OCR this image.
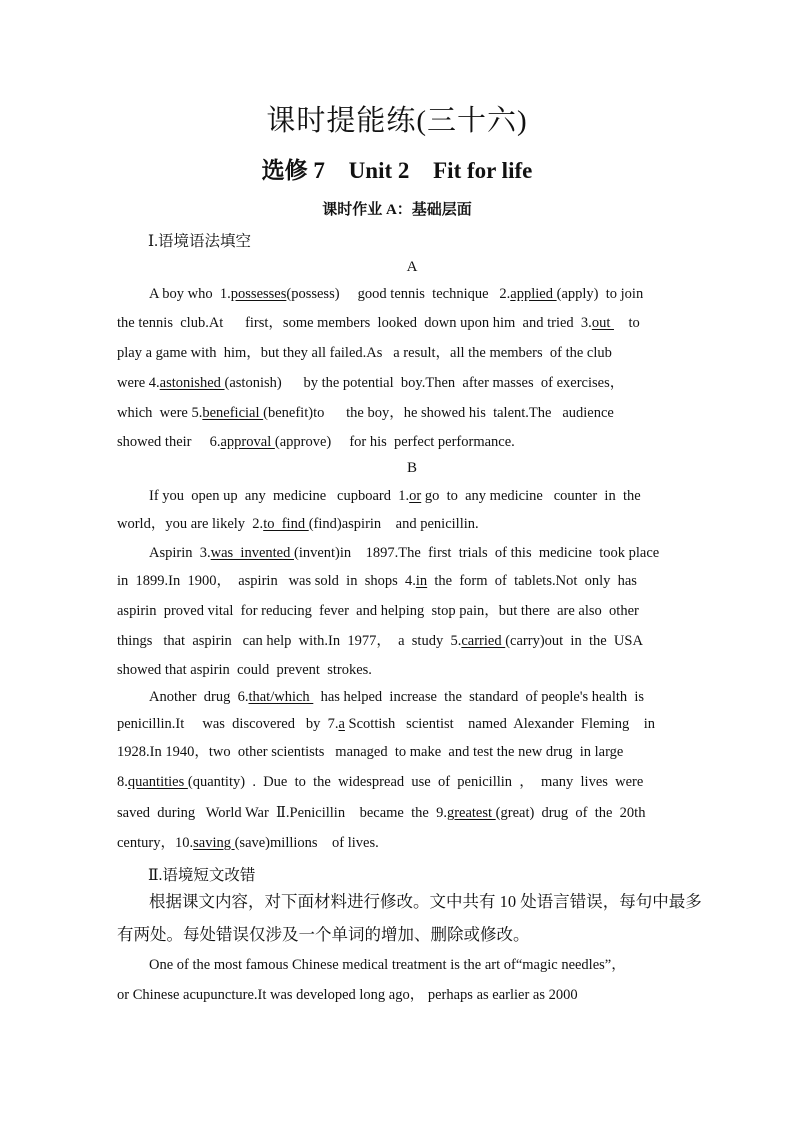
课时提能练(三十六)
选修 7 Unit 2 Fit for life
课时作业 A：基础层面
Ⅰ.语境语法填空
A
A boy who  1.possesses(possess)     good tennis  technique   2.applied (apply)  to join
the tennis  club.At      first，some members  looked  down upon him  and tried  3.out     to
play a game with  him，but they all failed.As   a result，all the members  of the club
were 4.astonished (astonish)      by the potential  boy.Then  after masses  of exercises，
which  were 5.beneficial (benefit)to      the boy，he showed his  talent.The   audience
showed their     6.approval (approve)     for his  perfect performance.
B
If you  open up  any  medicine   cupboard  1.or go  to  any medicine   counter  in  the
world，you are likely  2.to  find (find)aspirin    and penicillin.
Aspirin  3.was  invented (invent)in    1897.The  first  trials  of this  medicine  took place
in  1899.In  1900，  aspirin   was sold  in  shops  4.in  the  form  of  tablets.Not  only  has
aspirin  proved vital  for reducing  fever  and helping  stop pain，but there  are also  other
things   that  aspirin   can help  with.In  1977，  a  study  5.carried (carry)out  in  the  USA
showed that aspirin  could  prevent  strokes.
Another  drug  6.that/which   has helped  increase  the  standard  of people's health  is
penicillin.It     was  discovered   by  7.a Scottish   scientist    named  Alexander  Fleming    in
1928.In 1940，two  other scientists   managed  to make  and test the new drug  in large
8.quantities (quantity)  .  Due  to  the  widespread  use  of  penicillin  ，  many  lives  were
saved  during   World War  Ⅱ.Penicillin    became  the  9.greatest (great)  drug  of  the  20th
century，10.saving (save)millions    of lives.
Ⅱ.语境短文改错
根据课文内容，对下面材料进行修改。文中共有 10 处语言错误，每句中最多
有两处。每处错误仅涉及一个单词的增加、删除或修改。
One of the most famous Chinese medical treatment is the art of“magic needles”，
or Chinese acupuncture.It was developed long ago， perhaps as earlier as 2000
